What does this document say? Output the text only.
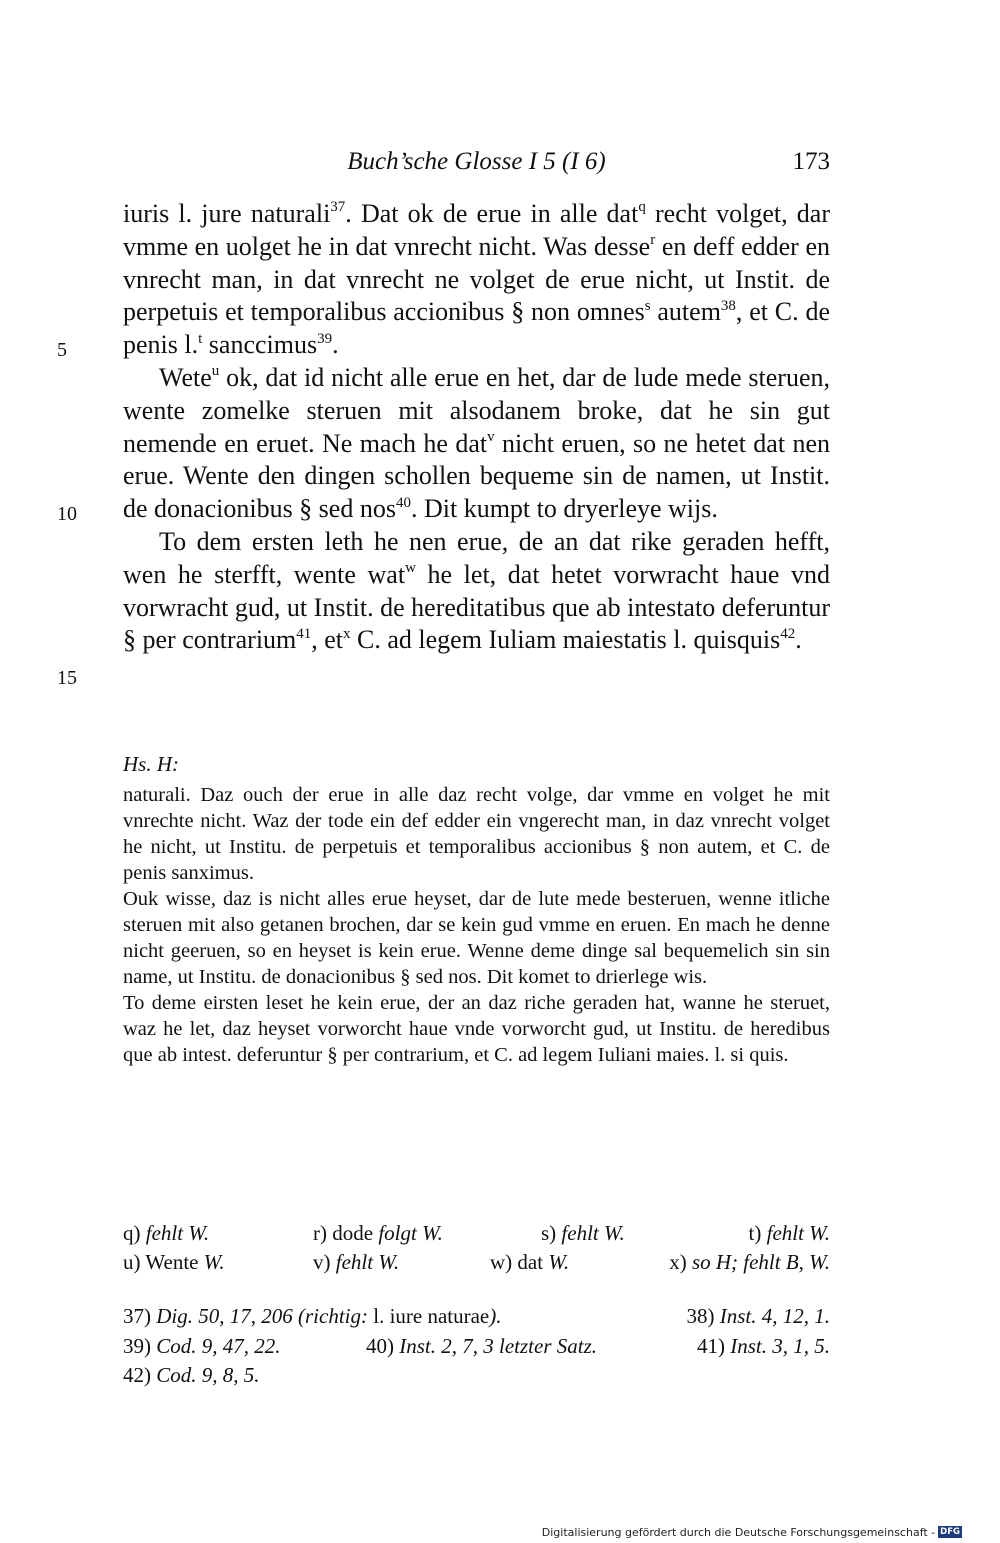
Buch’sche Glosse I 5 (I 6)	173
5
10
15

iuris l. jure naturali$^{37}$. Dat ok de erue in alle dat$^q$ recht volget, dar vmme en uolget he in dat vnrecht nicht. Was desse$^r$ en deff edder en vnrecht man, in dat vnrecht ne volget de erue nicht, ut Instit. de perpetuis et temporalibus accionibus § non omnes$^s$ autem$^{38}$, et C. de penis l.$^t$ sanccimus$^{39}$.

Wete$^u$ ok, dat id nicht alle erue en het, dar de lude mede steruen, wente zomelke steruen mit alsodanem broke, dat he sin gut nemende en eruet. Ne mach he dat$^v$ nicht eruen, so ne hetet dat nen erue. Wente den dingen schollen bequeme sin de namen, ut Instit. de donacionibus § sed nos$^{40}$. Dit kumpt to dryerleye wijs.

To dem ersten leth he nen erue, de an dat rike geraden hefft, wen he sterfft, wente wat$^w$ he let, dat hetet vorwracht haue vnd vorwracht gud, ut Instit. de hereditatibus que ab intestato deferuntur § per contrarium$^{41}$, $et^x$ C. ad legem Iuliam maiestatis l. quisquis$^{42}$.

Hs. H:

naturali. Daz ouch der erue in alle daz recht volge, dar vmme en volget he mit vnrechte nicht. Waz der tode ein def edder ein vngerecht man, in daz vnrecht volget he nicht, ut Institu. de perpetuis et temporalibus accionibus § non autem, et C. de penis sanximus.

Ouk wisse, daz is nicht alles erue heyset, dar de lute mede besteruen, wenne itliche steruen mit also getanen brochen, dar se kein gud vmme en eruen. En mach he denne nicht geeruen, so en heyset is kein erue. Wenne deme dinge sal bequemelich sin sin name, ut Institu. de donacionibus § sed nos. Dit komet to drierlege wis.

To deme eirsten leset he kein erue, der an daz riche geraden hat, wanne he steruet, waz he let, daz heyset vorworcht haue vnde vorworcht gud, ut Institu. de heredibus que ab intest. deferuntur § per contrarium, et C. ad legem Iuliani maies. l. si quis.

q) fehlt W.	r) dode folgt W.	s) fehlt W.	t) fehlt W.
u) Wente W.	v) fehlt W.	w) dat W.	x) so H; fehlt B, W.
37) Dig. 50, 17, 206 (richtig: l. iure naturae).	38) Inst. 4, 12, 1.
39) Cod. 9, 47, 22.	40) Inst. 2, 7, 3 letzter Satz.	41) Inst. 3, 1, 5.
42) Cod. 9, 8, 5.
Digitalisierung gefördert durch die Deutsche Forschungsgemeinschaft - DFG
